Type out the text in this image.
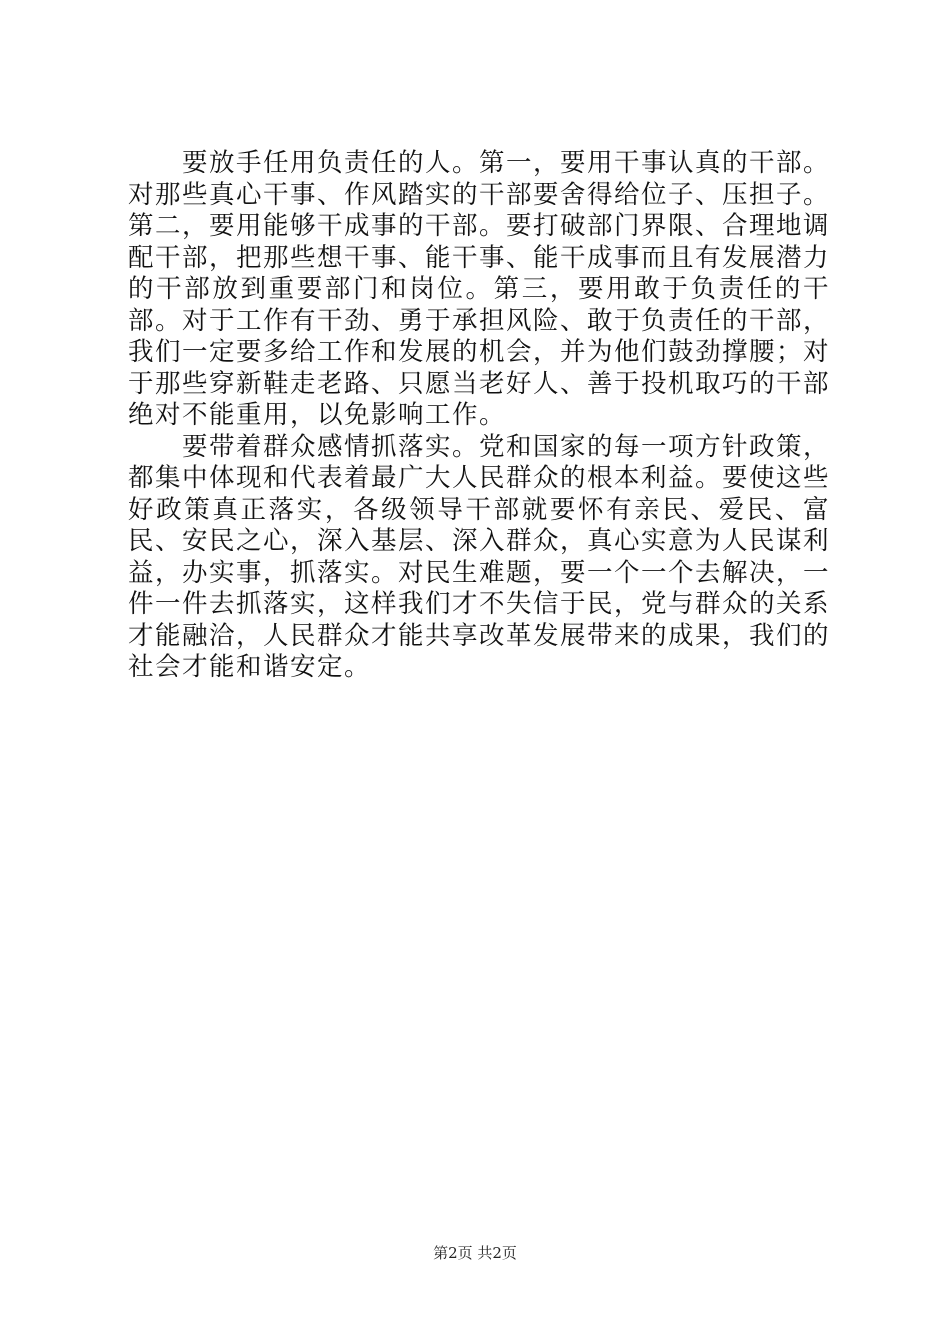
要放手任用负责任的人。第一，要用干事认真的干部。对那些真心干事、作风踏实的干部要舍得给位子、压担子。第二，要用能够干成事的干部。要打破部门界限、合理地调配干部，把那些想干事、能干事、能干成事而且有发展潜力的干部放到重要部门和岗位。第三，要用敢于负责任的干部。对于工作有干劲、勇于承担风险、敢于负责任的干部，我们一定要多给工作和发展的机会，并为他们鼓劲撑腰；对于那些穿新鞋走老路、只愿当老好人、善于投机取巧的干部绝对不能重用，以免影响工作。

要带着群众感情抓落实。党和国家的每一项方针政策，都集中体现和代表着最广大人民群众的根本利益。要使这些好政策真正落实，各级领导干部就要怀有亲民、爱民、富民、安民之心，深入基层、深入群众，真心实意为人民谋利益，办实事，抓落实。对民生难题，要一个一个去解决，一件一件去抓落实，这样我们才不失信于民，党与群众的关系才能融洽，人民群众才能共享改革发展带来的成果，我们的社会才能和谐安定。

第2页 共2页
